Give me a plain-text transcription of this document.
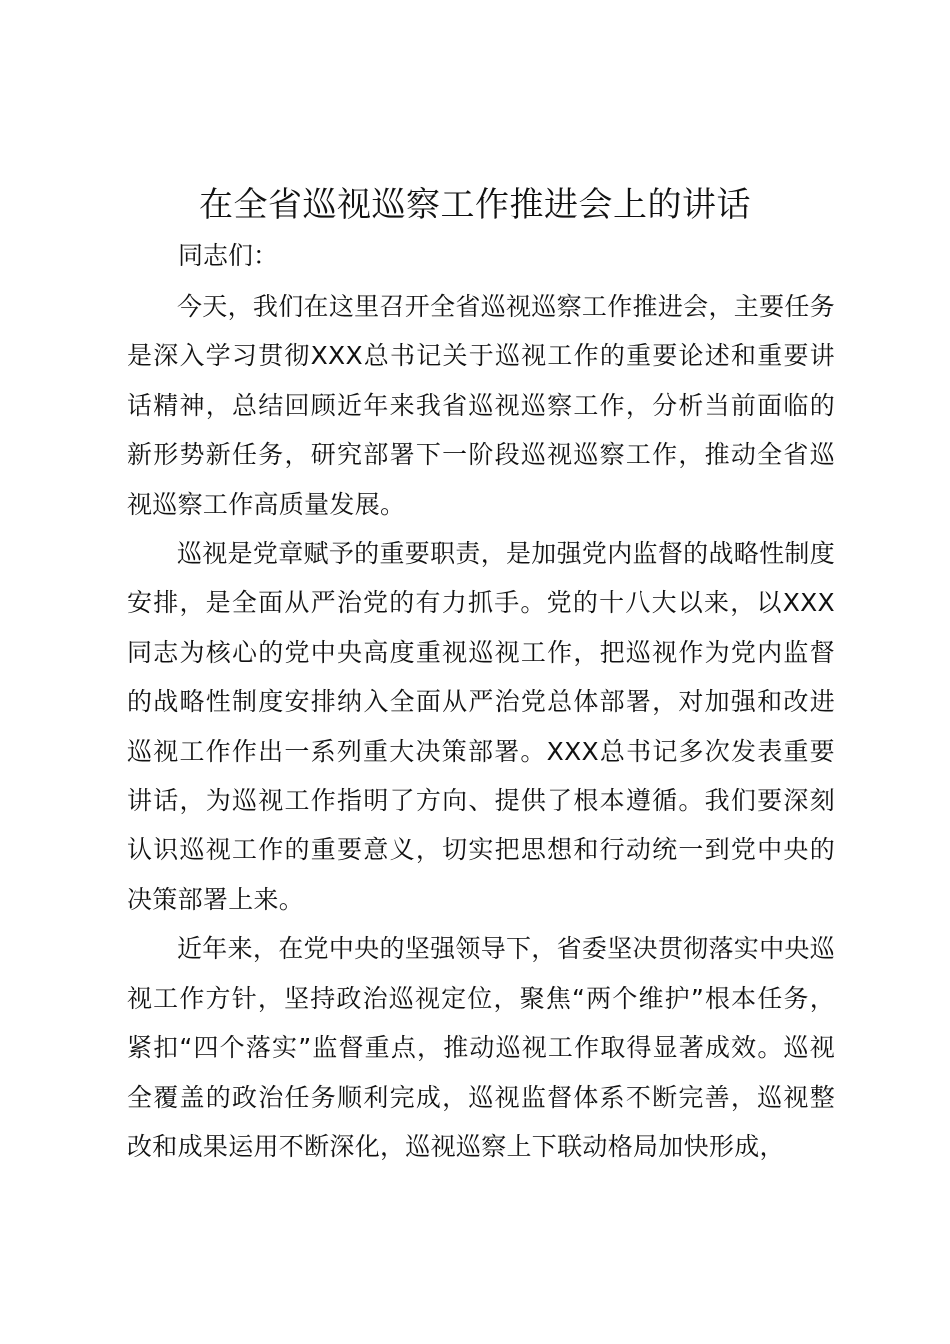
在全省巡视巡察工作推进会上的讲话
同志们：

今天，我们在这里召开全省巡视巡察工作推进会，主要任务是深入学习贯彻XXX总书记关于巡视工作的重要论述和重要讲话精神，总结回顾近年来我省巡视巡察工作，分析当前面临的新形势新任务，研究部署下一阶段巡视巡察工作，推动全省巡视巡察工作高质量发展。

巡视是党章赋予的重要职责，是加强党内监督的战略性制度安排，是全面从严治党的有力抓手。党的十八大以来，以XXX同志为核心的党中央高度重视巡视工作，把巡视作为党内监督的战略性制度安排纳入全面从严治党总体部署，对加强和改进巡视工作作出一系列重大决策部署。XXX总书记多次发表重要讲话，为巡视工作指明了方向、提供了根本遵循。我们要深刻认识巡视工作的重要意义，切实把思想和行动统一到党中央的决策部署上来。

近年来，在党中央的坚强领导下，省委坚决贯彻落实中央巡视工作方针，坚持政治巡视定位，聚焦“两个维护”根本任务，紧扣“四个落实”监督重点，推动巡视工作取得显著成效。巡视全覆盖的政治任务顺利完成，巡视监督体系不断完善，巡视整改和成果运用不断深化，巡视巡察上下联动格局加快形成，
